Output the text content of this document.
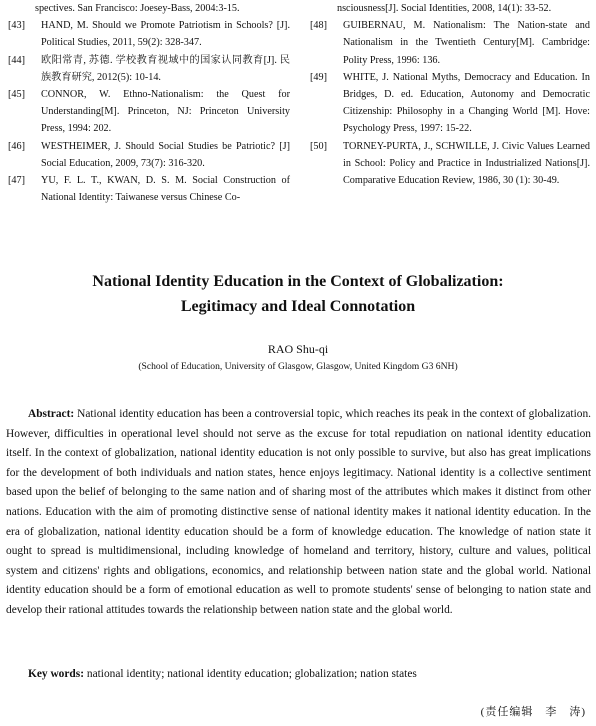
spectives. San Francisco: Joesey-Bass, 2004:3-15.
[43] HAND, M. Should we Promote Patriotism in Schools? [J]. Political Studies, 2011, 59(2): 328-347.
[44] 欧阳常青, 苏德. 学校教育视域中的国家认同教育[J]. 民族教育研究, 2012(5): 10-14.
[45] CONNOR, W. Ethno-Nationalism: the Quest for Understanding[M]. Princeton, NJ: Princeton University Press, 1994: 202.
[46] WESTHEIMER, J. Should Social Studies be Patriotic? [J] Social Education, 2009, 73(7): 316-320.
[47] YU, F. L. T., KWAN, D. S. M. Social Construction of National Identity: Taiwanese versus Chinese Co-
nsciousness[J]. Social Identities, 2008, 14(1): 33-52.
[48] GUIBERNAU, M. Nationalism: The Nation-state and Nationalism in the Twentieth Century[M]. Cambridge: Polity Press, 1996: 136.
[49] WHITE, J. National Myths, Democracy and Education. In Bridges, D. ed. Education, Autonomy and Democratic Citizenship: Philosophy in a Changing World [M]. Hove: Psychology Press, 1997: 15-22.
[50] TORNEY-PURTA, J., SCHWILLE, J. Civic Values Learned in School: Policy and Practice in Industrialized Nations[J]. Comparative Education Review, 1986, 30 (1): 30-49.
National Identity Education in the Context of Globalization:
Legitimacy and Ideal Connotation
RAO Shu-qi
(School of Education, University of Glasgow, Glasgow, United Kingdom G3 6NH)
Abstract: National identity education has been a controversial topic, which reaches its peak in the context of globalization. However, difficulties in operational level should not serve as the excuse for total repudiation on national identity education itself. In the context of globalization, national identity education is not only possible to survive, but also has great implications for the development of both individuals and nation states, hence enjoys legitimacy. National identity is a collective sentiment based upon the belief of belonging to the same nation and of sharing most of the attributes which makes it distinct from other nations. Education with the aim of promoting distinctive sense of national identity makes it national identity education. In the era of globalization, national identity education should be a form of knowledge education. The knowledge of nation state it ought to spread is multidimensional, including knowledge of homeland and territory, history, culture and values, political system and citizens' rights and obligations, economics, and relationship between nation state and the global world. National identity education should be a form of emotional education as well to promote students' sense of belonging to nation state and develop their rational attitudes towards the relationship between nation state and the global world.
Key words: national identity; national identity education; globalization; nation states
(责任编辑　李　涛)
